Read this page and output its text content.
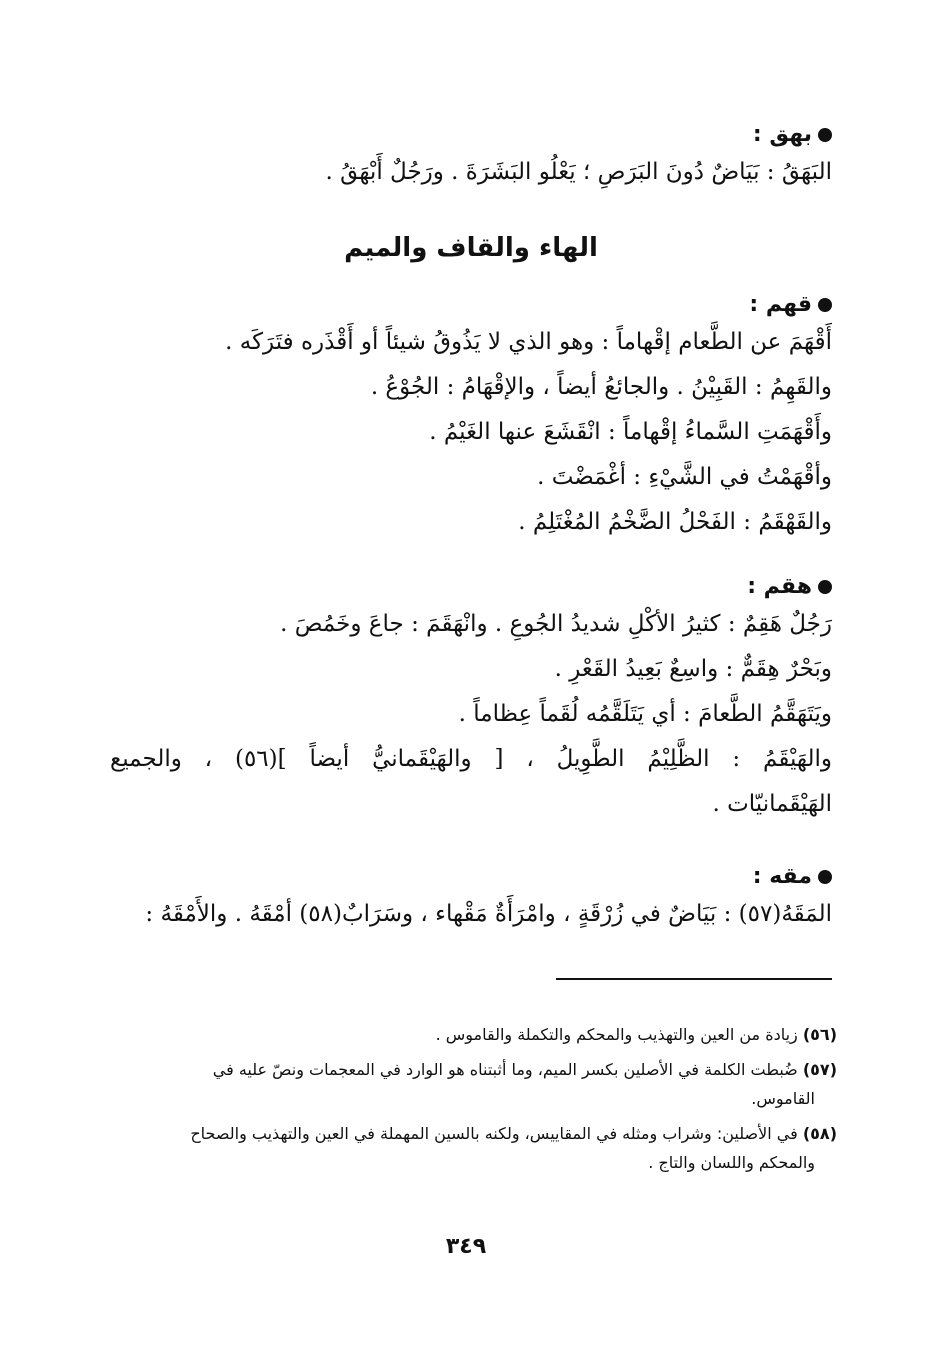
بهق :

البَهَقُ : بَيَاضٌ دُونَ البَرَصِ ؛ يَعْلُو البَشَرَةَ . ورَجُلٌ أَبْهَقُ .

الهاء والقاف والميم

قهم :

أَقْهَمَ عن الطَّعام إقْهاماً : وهو الذي لا يَذُوقُ شيئاً أو أَقْذَره فتَرَكَه .

والقَهِمُ : القَبِيْنُ . والجائعُ أيضاً ، والإقْهَامُ : الجُوْعُ .

وأَقْهَمَتِ السَّماءُ إقْهاماً : انْقَشَعَ عنها الغَيْمُ .

وأقْهَمْتُ في الشَّيْءِ : أغْمَضْتَ .

والقَهْقَمُ : الفَحْلُ الضَّخْمُ المُغْتَلِمُ .

هقم :

رَجُلٌ هَقِمٌ : كثيرُ الأكْلِ شديدُ الجُوعِ . وانْهَقَمَ : جاعَ وخَمُصَ .

وبَحْرٌ هِقَمٌّ : واسِعٌ بَعِيدُ القَعْرِ .

ويَتَهَقَّمُ الطَّعامَ : أي يَتَلَقَّمُه لُقَماً عِظاماً .

والهَيْقَمُ : الظَّلِيْمُ الطَّوِيلُ ، [ والهَيْقَمانيُّ أيضاً ](٥٦) ، والجميع

الهَيْقَمانيّات .

مقه :

المَقَهُ(٥٧) : بَيَاضٌ في زُرْقَةٍ ، وامْرَأَةٌ مَقْهاء ، وسَرَابٌ(٥٨) أمْقَهُ . والأَمْقَهُ :

(٥٦) زيادة من العين والتهذيب والمحكم والتكملة والقاموس .

(٥٧) ضُبطت الكلمة في الأصلين بكسر الميم، وما أثبتناه هو الوارد في المعجمات ونصّ عليه في
القاموس.

(٥٨) في الأصلين: وشراب ومثله في المقاييس، ولكنه بالسين المهملة في العين والتهذيب والصحاح
والمحكم واللسان والتاج .

٣٤٩
